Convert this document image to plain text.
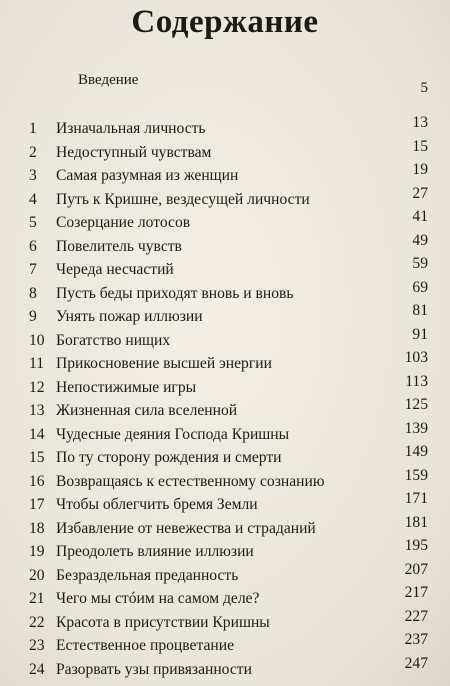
Содержание
Введение	5
1 Изначальная личность	13
2 Недоступный чувствам	15
3 Самая разумная из женщин	19
4 Путь к Кришне, вездесущей личности	27
5 Созерцание лотосов	41
6 Повелитель чувств	49
7 Череда несчастий	59
8 Пусть беды приходят вновь и вновь	69
9 Унять пожар иллюзии	81
10 Богатство нищих	91
11 Прикосновение высшей энергии	103
12 Непостижимые игры	113
13 Жизненная сила вселенной	125
14 Чудесные деяния Господа Кришны	139
15 По ту сторону рождения и смерти	149
16 Возвращаясь к естественному сознанию	159
17 Чтобы облегчить бремя Земли	171
18 Избавление от невежества и страданий	181
19 Преодолеть влияние иллюзии	195
20 Безраздельная преданность	207
21 Чего мы стóим на самом деле?	217
22 Красота в присутствии Кришны	227
23 Естественное процветание	237
24 Разорвать узы привязанности	247
